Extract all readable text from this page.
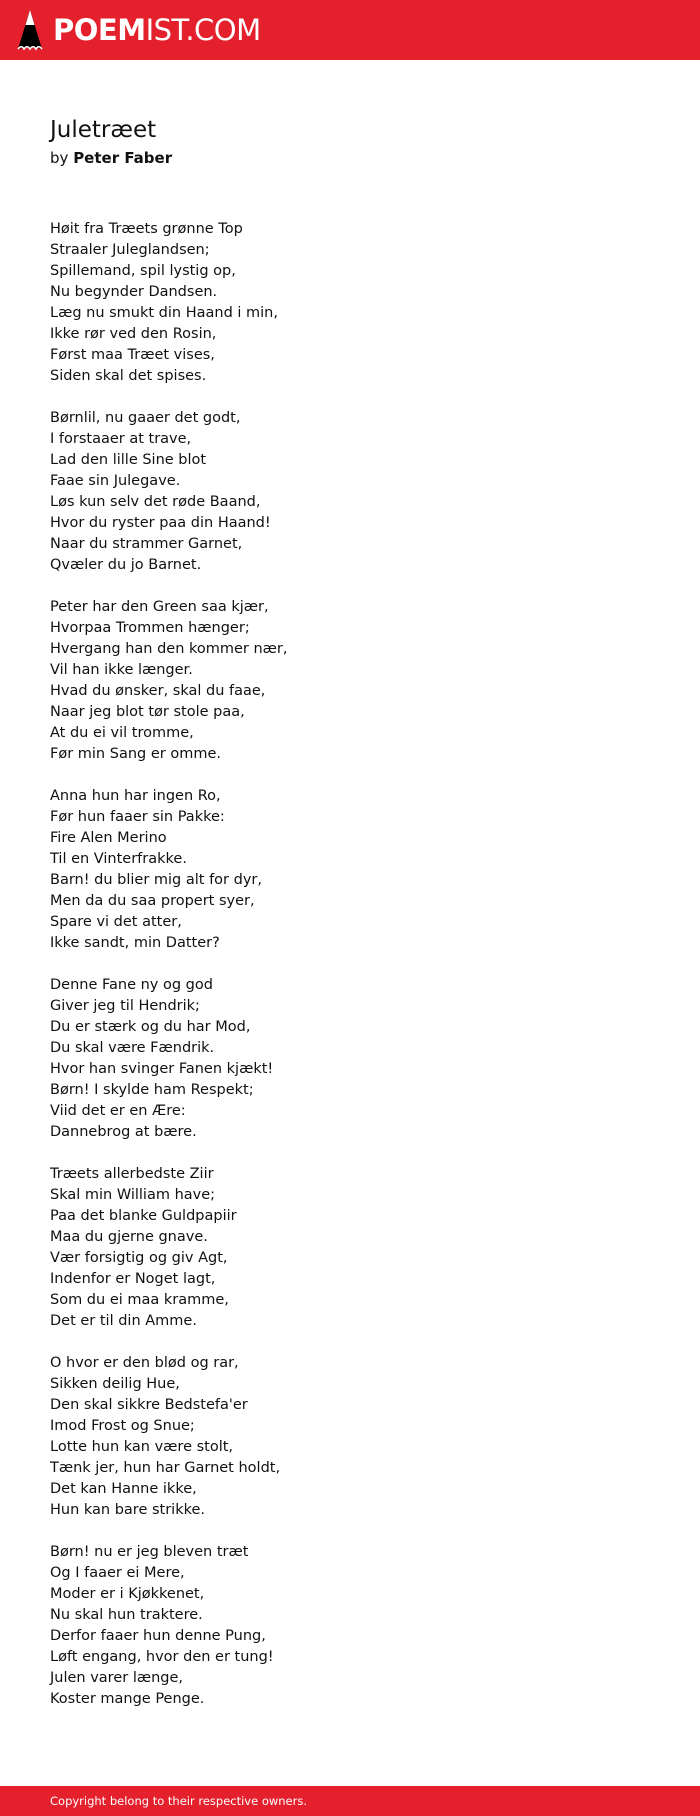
POEMIST.COM
Juletræet
by Peter Faber
Høit fra Træets grønne Top
Straaler Juleglandsen;
Spillemand, spil lystig op,
Nu begynder Dandsen.
Læg nu smukt din Haand i min,
Ikke rør ved den Rosin,
Først maa Træet vises,
Siden skal det spises.
Børnlil, nu gaaer det godt,
I forstaaer at trave,
Lad den lille Sine blot
Faae sin Julegave.
Løs kun selv det røde Baand,
Hvor du ryster paa din Haand!
Naar du strammer Garnet,
Qvæler du jo Barnet.
Peter har den Green saa kjær,
Hvorpaa Trommen hænger;
Hvergang han den kommer nær,
Vil han ikke længer.
Hvad du ønsker, skal du faae,
Naar jeg blot tør stole paa,
At du ei vil tromme,
Før min Sang er omme.
Anna hun har ingen Ro,
Før hun faaer sin Pakke:
Fire Alen Merino
Til en Vinterfrakke.
Barn! du blier mig alt for dyr,
Men da du saa propert syer,
Spare vi det atter,
Ikke sandt, min Datter?
Denne Fane ny og god
Giver jeg til Hendrik;
Du er stærk og du har Mod,
Du skal være Fændrik.
Hvor han svinger Fanen kjækt!
Børn! I skylde ham Respekt;
Viid det er en Ære:
Dannebrog at bære.
Træets allerbedste Ziir
Skal min William have;
Paa det blanke Guldpapiir
Maa du gjerne gnave.
Vær forsigtig og giv Agt,
Indenfor er Noget lagt,
Som du ei maa kramme,
Det er til din Amme.
O hvor er den blød og rar,
Sikken deilig Hue,
Den skal sikkre Bedstefa'er
Imod Frost og Snue;
Lotte hun kan være stolt,
Tænk jer, hun har Garnet holdt,
Det kan Hanne ikke,
Hun kan bare strikke.
Børn! nu er jeg bleven træt
Og I faaer ei Mere,
Moder er i Kjøkkenet,
Nu skal hun traktere.
Derfor faaer hun denne Pung,
Løft engang, hvor den er tung!
Julen varer længe,
Koster mange Penge.
Copyright belong to their respective owners.
